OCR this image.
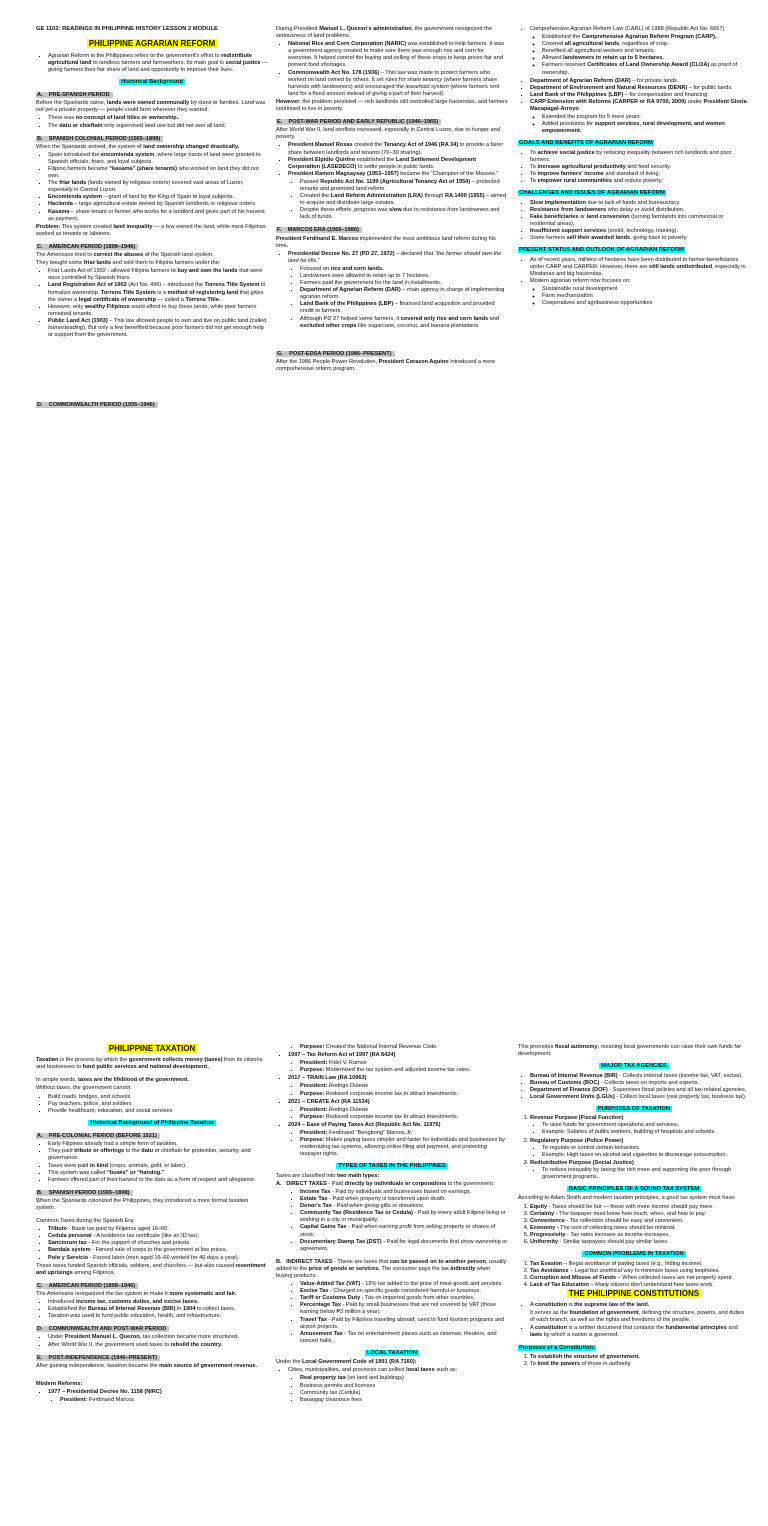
GE 1102: READINGS IN PHILIPPINE HISTORY LESSON 2 MODULE
PHILIPPINE AGRARIAN REFORM
▪ Agrarian Reform in the Philippines refers to the government's effort to redistribute agricultural land to landless farmers and farmworkers. Its main goal is social justice — giving farmers their fair share of land and opportunity to improve their lives.
Historical Background
A.    PRE-SPANISH PERIOD

Before the Spaniards came, lands were owned communally by clans or families. Land was not yet a private property — people could farm wherever they wanted.

▪ There was no concept of land titles or ownership.
▪ The datu or chieftain only supervised land use but did not own all land.
B.    SPANISH COLONIAL PERIOD (1565–1898)

When the Spaniards arrived, the system of land ownership changed drastically.

▪ Spain introduced the encomienda system, where large tracts of land were granted to Spanish officials, friars, and loyal subjects.
▪ Filipino farmers became “kasama” (share tenants) who worked on land they did not own.
▪ The friar lands (lands owned by religious orders) covered vast areas of Luzon, especially in Central Luzon.
▪ Encomienda system – grant of land by the King of Spain to loyal subjects.
▪ Hacienda – large agricultural estate owned by Spanish landlords or religious orders.
▪ Kasama – share tenant or farmer who works for a landlord and gives part of his harvest as payment.

Problem: This system created land inequality — a few owned the land, while most Filipinos worked as tenants or laborers.

C.    AMERICAN PERIOD (1898–1946)

The Americans tried to correct the abuses of the Spanish land system.

They bought some friar lands and sold them to Filipino farmers under the:

▪ Friar Lands Act of 1902 - allowed Filipino farmers to buy and own the lands that were once controlled by Spanish friars.
▪ Land Registration Act of 1902 (Act No. 496) – introduced the Torrens Title System to formalize ownership. Torrens Title System is a method of registering land that gives the owner a legal certificate of ownership — called a Torrens Title.
▪ However, only wealthy Filipinos could afford to buy these lands, while poor farmers remained tenants.
▪ Public Land Act (1903) – This law allowed people to own and live on public land (called homesteading). But only a few benefited because poor farmers did not get enough help or support from the government.
D.    COMMONWEALTH PERIOD (1935–1946)

During President Manuel L. Quezon's administration, the government recognized the seriousness of land problems.

▪ National Rice and Corn Corporation (NARIC) was established to help farmers. It was a government agency created to make sure there was enough rice and corn for everyone. It helped control the buying and selling of these crops to keep prices fair and prevent food shortages.
▪ Commonwealth Act No. 178 (1936) – This law was made to protect farmers who worked on land owned by others. It set rules for share tenancy (where farmers share harvests with landowners) and encouraged the leasehold system (where farmers rent land for a fixed amount instead of giving a part of their harvest).

However, the problem persisted — rich landlords still controlled large haciendas, and farmers continued to live in poverty.

E.    POST-WAR PERIOD AND EARLY REPUBLIC (1946–1965)

After World War II, land conflicts increased, especially in Central Luzon, due to hunger and poverty.

▪ President Manuel Roxas created the Tenancy Act of 1946 (RA 34) to provide a fairer share between landlords and tenants (70–30 sharing).
▪ President Elpidio Quirino established the Land Settlement Development Corporation (LASEDECO) to settle people in public lands.
▪ President Ramon Magsaysay (1953–1957) became the “Champion of the Masses.”
• Passed Republic Act No. 1199 (Agricultural Tenancy Act of 1954) – protected tenants and promoted land reform.
• Created the Land Reform Administration (LRA) through RA 1400 (1955) – aimed to acquire and distribute large estates.
• Despite these efforts, progress was slow due to resistance from landowners and lack of funds.
F.    MARCOS ERA (1965–1986)

President Ferdinand E. Marcos implemented the most ambitious land reform during his time.

▪ Presidential Decree No. 27 (PD 27, 1972) – declared that “the farmer should own the land he tills.”
• Focused on rice and corn lands.
• Landowners were allowed to retain up to 7 hectares.
• Farmers paid the government for the land in installments.
• Department of Agrarian Reform (DAR) – main agency in charge of implementing agrarian reform.
• Land Bank of the Philippines (LBP) – financed land acquisition and provided credit to farmers.
• Although PD 27 helped some farmers, it covered only rice and corn lands and excluded other crops like sugarcane, coconut, and banana plantations.
G.    POST-EDSA PERIOD (1986–PRESENT)

After the 1986 People Power Revolution, President Corazon Aquino introduced a more comprehensive reform program.

▪ Comprehensive Agrarian Reform Law (CARL) of 1988 (Republic Act No. 6657)
◦ Established the Comprehensive Agrarian Reform Program (CARP).
◦ Covered all agricultural lands, regardless of crop.
◦ Benefited all agricultural workers and tenants.
◦ Allowed landowners to retain up to 5 hectares.
◦ Farmers received Certificates of Land Ownership Award (CLOA) as proof of ownership.
▪ Department of Agrarian Reform (DAR) – for private lands.
▪ Department of Environment and Natural Resources (DENR) – for public lands.
▪ Land Bank of the Philippines (LBP) – for compensation and financing.
▪ CARP Extension with Reforms (CARPER or RA 9700, 2009) under President Gloria Macapagal-Arroyo
◦ Extended the program for 5 more years.
◦ Added provisions for support services, rural development, and women empowerment.
GOALS AND BENEFITS OF AGRARIAN REFORM
▪ To achieve social justice by reducing inequality between rich landlords and poor farmers.
▪ To increase agricultural productivity and food security.
▪ To improve farmers' income and standard of living.
▪ To empower rural communities and reduce poverty.
CHALLENGES AND ISSUES OF AGRARIAN REFORM
▪ Slow implementation due to lack of funds and bureaucracy.
▪ Resistance from landowners who delay or avoid distribution.
▪ Fake beneficiaries or land conversion (turning farmlands into commercial or residential areas).
▪ Insufficient support services (credit, technology, training).
▪ Some farmers sell their awarded lands, going back to poverty.
PRESENT STATUS AND OUTLOOK OF AGRARIAN REFORM
▪ As of recent years, millions of hectares have been distributed to farmer-beneficiaries under CARP and CARPER. However, there are still lands undistributed, especially in Mindanao and big haciendas.
▪ Modern agrarian reform now focuses on:
◦ Sustainable rural development
◦ Farm mechanization
◦ Cooperatives and agribusiness opportunities
PHILIPPINE TAXATION

Taxation is the process by which the government collects money (taxes) from its citizens and businesses to fund public services and national development.

In simple words, taxes are the lifeblood of the government.

Without taxes, the government cannot:

▪ Build roads, bridges, and schools
▪ Pay teachers, police, and soldiers
▪ Provide healthcare, education, and social services
Historical Background of Philippine Taxation
A.    PRE-COLONIAL PERIOD (BEFORE 1521)
▪ Early Filipinos already had a simple form of taxation.
▪ They paid tribute or offerings to the datu or chieftain for protection, security, and governance.
▪ Taxes were paid in kind (crops, animals, gold, or labor).
▪ This system was called “buwis” or “handog.”
▪ Farmers offered part of their harvest to the datu as a form of respect and allegiance.
B.    SPANISH PERIOD (1565–1898)

When the Spaniards colonized the Philippines, they introduced a more formal taxation system.

Common Taxes during the Spanish Era:

▪ Tributo - Basic tax paid by Filipinos aged 16–60.
▪ Cedula personal - A residence tax certificate (like an ID tax).
▪ Sanctorum tax - For the support of churches and priests.
▪ Bandala system - Forced sale of crops to the government at low prices.
▪ Polo y Servicio - Forced labor (men aged 16–60 worked for 40 days a year).

These taxes funded Spanish officials, soldiers, and churches — but also caused resentment and uprisings among Filipinos.

C.    AMERICAN PERIOD (1898–1946)

The Americans reorganized the tax system to make it more systematic and fair.

▪ Introduced income tax, customs duties, and excise taxes.
▪ Established the Bureau of Internal Revenue (BIR) in 1904 to collect taxes.
▪ Taxation was used to fund public education, health, and infrastructure.
D.    COMMONWEALTH AND POST-WAR PERIOD
▪ Under President Manuel L. Quezon, tax collection became more structured.
▪ After World War II, the government used taxes to rebuild the country.
E.    POST-INDEPENDENCE (1946–PRESENT)

After gaining independence, taxation became the main source of government revenue.

Modern Reforms:

▪ 1977 – Presidential Decree No. 1158 (NIRC)
• President: Ferdinand Marcos
• Purpose: Created the National Internal Revenue Code.
▪ 1997 – Tax Reform Act of 1997 (RA 8424)
• President: Fidel V. Ramos
• Purpose: Modernized the tax system and adjusted income tax rates.
▪ 2017 – TRAIN Law (RA 10963)
• President: Rodrigo Duterte
• Purpose: Reduced corporate income tax to attract investments.
▪ 2021 – CREATE Act (RA 11534)
• President: Rodrigo Duterte
• Purpose: Reduced corporate income tax to attract investments.
▪ 2024 – Ease of Paying Taxes Act (Republic Act No. 11976)
• President: Ferdinand “Bongbong” Marcos Jr.
• Purpose: Makes paying taxes simpler and faster for individuals and businesses by modernizing tax systems, allowing online filing and payment, and protecting taxpayer rights.
TYPES OF TAXES IN THE PHILIPPINES

Taxes are classified into two main types:

A.   DIRECT TAXES - Paid directly by individuals or corporations to the government.

▪ Income Tax - Paid by individuals and businesses based on earnings.
▪ Estate Tax - Paid when property is transferred upon death.
▪ Donor's Tax - Paid when giving gifts or donations.
▪ Community Tax (Residence Tax or Cedula) - Paid by every adult Filipino living or working in a city or municipality.
▪ Capital Gains Tax - Paid when earning profit from selling property or shares of stock.
▪ Documentary Stamp Tax (DST) - Paid for legal documents that show ownership or agreement.

B.   INDIRECT TAXES - These are taxes that can be passed on to another person, usually added to the price of goods or services. The consumer pays the tax indirectly when buying products.

▪ Value-Added Tax (VAT) - 12% tax added to the price of most goods and services.
▪ Excise Tax - Charged on specific goods considered harmful or luxurious.
▪ Tariff or Customs Duty - Tax on imported goods from other countries.
▪ Percentage Tax - Paid by small businesses that are not covered by VAT (those earning below ₱3 million a year).
▪ Travel Tax - Paid by Filipinos traveling abroad, used to fund tourism programs and airport projects.
▪ Amusement Tax - Tax on entertainment places such as cinemas, theaters, and concert halls.
LOCAL TAXATION

Under the Local Government Code of 1991 (RA 7160):

▪ Cities, municipalities, and provinces can collect local taxes such as:
• Real property tax (on land and buildings)
• Business permits and licenses
• Community tax (Cedula)
• Barangay clearance fees

This promotes fiscal autonomy, meaning local governments can raise their own funds for development.

MAJOR TAX AGENCIES
▪ Bureau of Internal Revenue (BIR) - Collects internal taxes (income tax, VAT, excise).
▪ Bureau of Customs (BOC) - Collects taxes on imports and exports.
▪ Department of Finance (DOF) - Supervises fiscal policies and all tax-related agencies.
▪ Local Government Units (LGUs) - Collect local taxes (real property tax, business tax).
PURPOSES OF TAXATION
1. Revenue Purpose (Fiscal Function)
▪ To raise funds for government operations and services.
▪ Example: Salaries of public workers, building of hospitals and schools.
2. Regulatory Purpose (Police Power)
▪ To regulate or control certain behaviors.
▪ Example: High taxes on alcohol and cigarettes to discourage consumption.
3. Redistributive Purpose (Social Justice)
▪ To reduce inequality by taxing the rich more and supporting the poor through government programs.
BASIC PRINCIPLES OF A SOUND TAX SYSTEM

According to Adam Smith and modern taxation principles, a good tax system must have:

1. Equity - Taxes should be fair — those with more income should pay more.
2. Certainty - The taxpayer must know how much, when, and how to pay.
3. Convenience - Tax collection should be easy and convenient.
4. Economy - The cost of collecting taxes should be minimal.
5. Progressivity - Tax rates increase as income increases.
6. Uniformity - Similar taxpayers should pay similar taxes.
COMMON PROBLEMS IN TAXATION
1. Tax Evasion – Illegal avoidance of paying taxes (e.g., hiding income).
2. Tax Avoidance – Legal but unethical way to minimize taxes using loopholes.
3. Corruption and Misuse of Funds – When collected taxes are not properly spent.
4. Lack of Tax Education – Many citizens don't understand how taxes work.
THE PHILIPPINE CONSTITUTIONS
▪ A constitution is the supreme law of the land.

It serves as the foundation of government, defining the structure, powers, and duties of each branch, as well as the rights and freedoms of the people.

▪ A constitution is a written document that contains the fundamental principles and laws by which a nation is governed.
Purposes of a Constitution:
1. To establish the structure of government.
2. To limit the powers of those in authority.
